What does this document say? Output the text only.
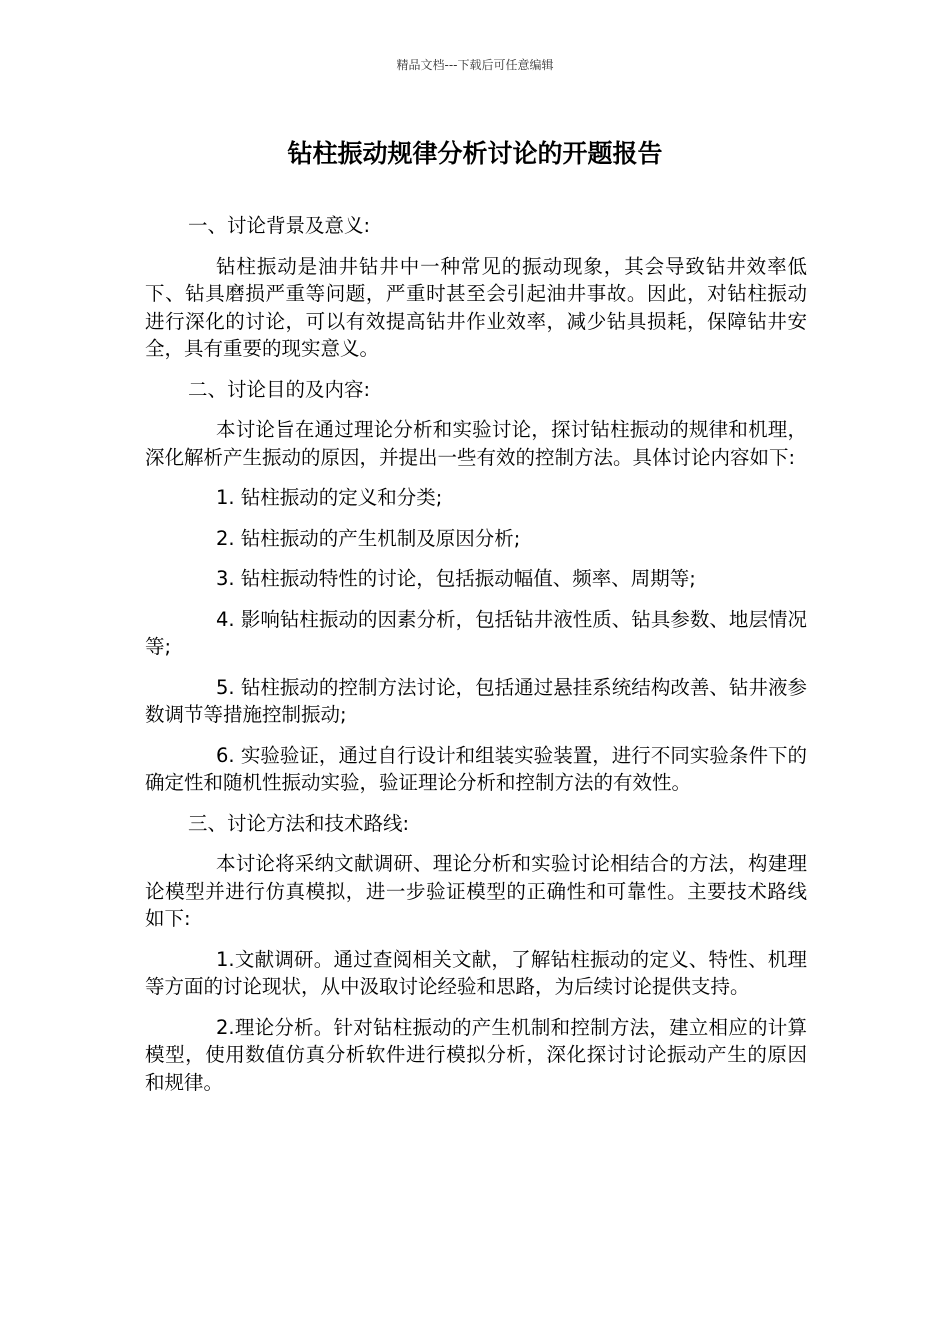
精品文档---下载后可任意编辑
钻柱振动规律分析讨论的开题报告

一、讨论背景及意义:

钻柱振动是油井钻井中一种常见的振动现象，其会导致钻井效率低下、钻具磨损严重等问题，严重时甚至会引起油井事故。因此，对钻柱振动进行深化的讨论，可以有效提高钻井作业效率，减少钻具损耗，保障钻井安全，具有重要的现实意义。

二、讨论目的及内容:

本讨论旨在通过理论分析和实验讨论，探讨钻柱振动的规律和机理，深化解析产生振动的原因，并提出一些有效的控制方法。具体讨论内容如下:

1. 钻柱振动的定义和分类;

2. 钻柱振动的产生机制及原因分析;

3. 钻柱振动特性的讨论，包括振动幅值、频率、周期等;

4. 影响钻柱振动的因素分析，包括钻井液性质、钻具参数、地层情况等;

5. 钻柱振动的控制方法讨论，包括通过悬挂系统结构改善、钻井液参数调节等措施控制振动;

6. 实验验证，通过自行设计和组装实验装置，进行不同实验条件下的确定性和随机性振动实验，验证理论分析和控制方法的有效性。

三、讨论方法和技术路线:

本讨论将采纳文献调研、理论分析和实验讨论相结合的方法，构建理论模型并进行仿真模拟，进一步验证模型的正确性和可靠性。主要技术路线如下:

1.文献调研。通过查阅相关文献，了解钻柱振动的定义、特性、机理等方面的讨论现状，从中汲取讨论经验和思路，为后续讨论提供支持。

2.理论分析。针对钻柱振动的产生机制和控制方法，建立相应的计算模型，使用数值仿真分析软件进行模拟分析，深化探讨讨论振动产生的原因和规律。
